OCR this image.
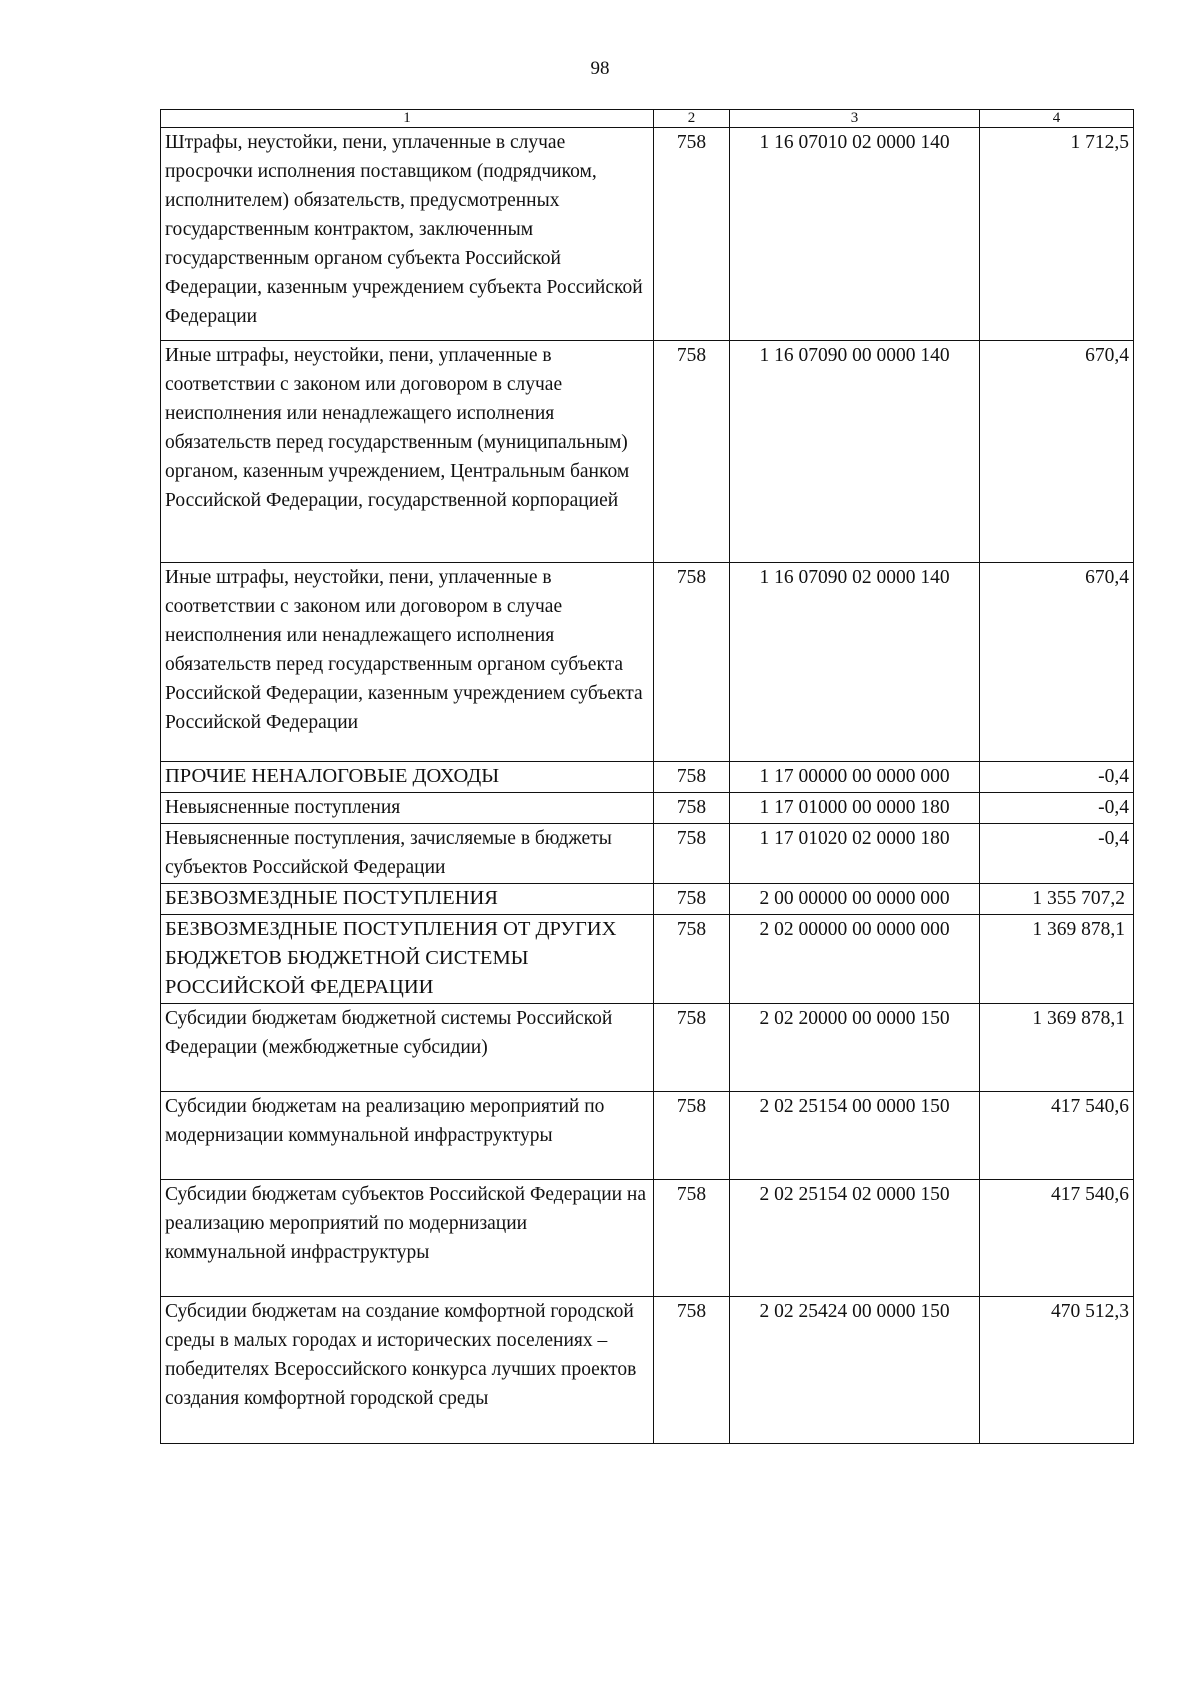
98
1	2	3	4
Штрафы, неустойки, пени, уплаченные в случае просрочки исполнения поставщиком (подрядчиком, исполнителем) обязательств, предусмотренных государственным контрактом, заключенным государственным органом субъекта Российской Федерации, казенным учреждением субъекта Российской Федерации	758	1 16 07010 02 0000 140	1 712,5
Иные штрафы, неустойки, пени, уплаченные в соответствии с законом или договором в случае неисполнения или ненадлежащего исполнения обязательств перед государственным (муниципальным) органом, казенным учреждением, Центральным банком Российской Федерации, государственной корпорацией	758	1 16 07090 00 0000 140	670,4
Иные штрафы, неустойки, пени, уплаченные в соответствии с законом или договором в случае неисполнения или ненадлежащего исполнения обязательств перед государственным органом субъекта Российской Федерации, казенным учреждением субъекта Российской Федерации	758	1 16 07090 02 0000 140	670,4
ПРОЧИЕ НЕНАЛОГОВЫЕ ДОХОДЫ	758	1 17 00000 00 0000 000	-0,4
Невыясненные поступления	758	1 17 01000 00 0000 180	-0,4
Невыясненные поступления, зачисляемые в бюджеты субъектов Российской Федерации	758	1 17 01020 02 0000 180	-0,4
БЕЗВОЗМЕЗДНЫЕ ПОСТУПЛЕНИЯ	758	2 00 00000 00 0000 000	1 355 707,2
БЕЗВОЗМЕЗДНЫЕ ПОСТУПЛЕНИЯ ОТ ДРУГИХ БЮДЖЕТОВ БЮДЖЕТНОЙ СИСТЕМЫ РОССИЙСКОЙ ФЕДЕРАЦИИ	758	2 02 00000 00 0000 000	1 369 878,1
Субсидии бюджетам бюджетной системы Российской Федерации (межбюджетные субсидии)	758	2 02 20000 00 0000 150	1 369 878,1
Субсидии бюджетам на реализацию мероприятий по модернизации коммунальной инфраструктуры	758	2 02 25154 00 0000 150	417 540,6
Субсидии бюджетам субъектов Российской Федерации на реализацию мероприятий по модернизации коммунальной инфраструктуры	758	2 02 25154 02 0000 150	417 540,6
Субсидии бюджетам на создание комфортной городской среды в малых городах и исторических поселениях – победителях Всероссийского конкурса лучших проектов создания комфортной городской среды	758	2 02 25424 00 0000 150	470 512,3
